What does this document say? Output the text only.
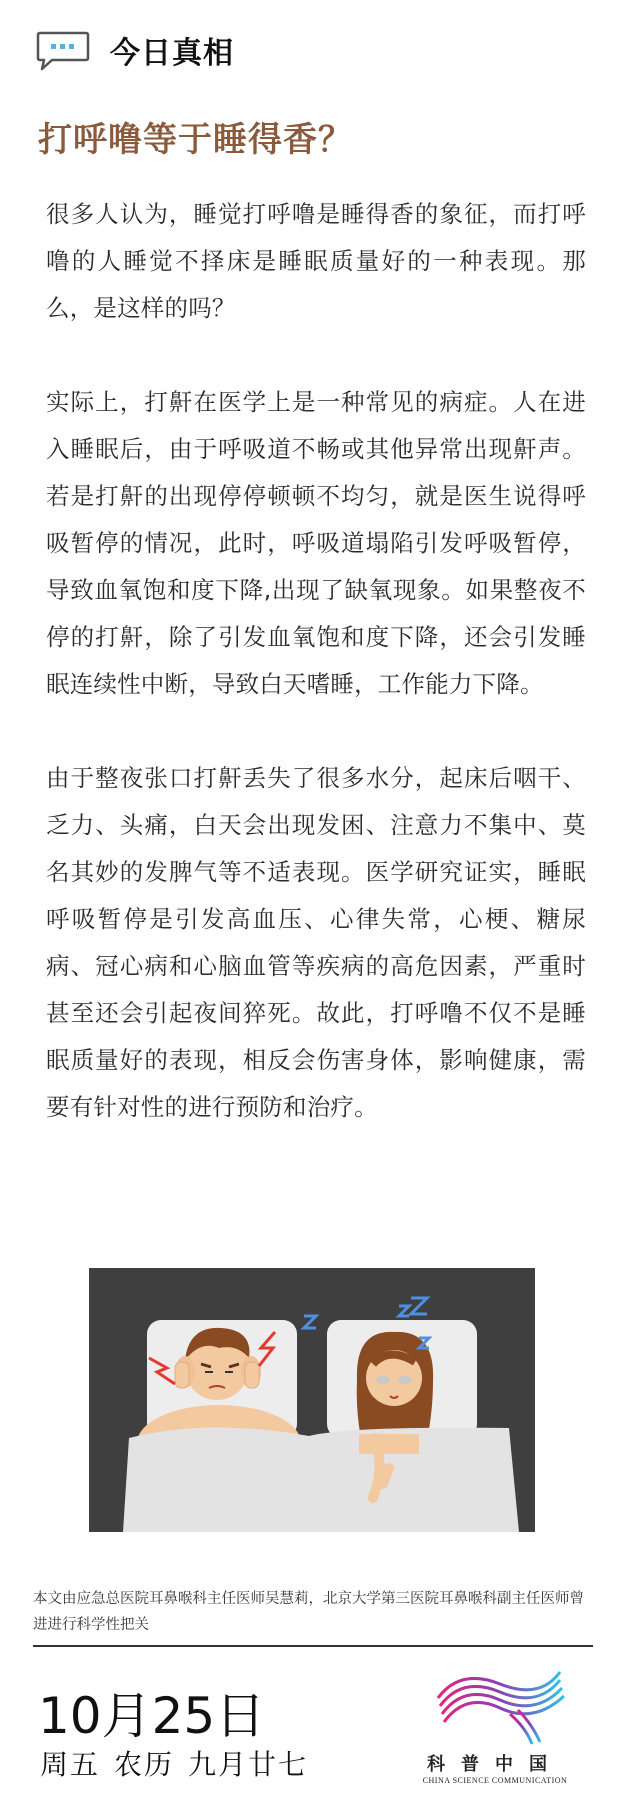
今日真相
打呼噜等于睡得香？

很多人认为，睡觉打呼噜是睡得香的象征，而打呼噜的人睡觉不择床是睡眠质量好的一种表现。那么，是这样的吗？

实际上，打鼾在医学上是一种常见的病症。人在进入睡眠后，由于呼吸道不畅或其他异常出现鼾声。若是打鼾的出现停停顿顿不均匀，就是医生说得呼吸暂停的情况，此时，呼吸道塌陷引发呼吸暂停，导致血氧饱和度下降,出现了缺氧现象。如果整夜不停的打鼾，除了引发血氧饱和度下降，还会引发睡眠连续性中断，导致白天嗜睡，工作能力下降。

由于整夜张口打鼾丢失了很多水分，起床后咽干、乏力、头痛，白天会出现发困、注意力不集中、莫名其妙的发脾气等不适表现。医学研究证实，睡眠呼吸暂停是引发高血压、心律失常，心梗、糖尿病、冠心病和心脑血管等疾病的高危因素，严重时甚至还会引起夜间猝死。故此，打呼噜不仅不是睡眠质量好的表现，相反会伤害身体，影响健康，需要有针对性的进行预防和治疗。

本文由应急总医院耳鼻喉科主任医师吴慧莉，北京大学第三医院耳鼻喉科副主任医师曾进进行科学性把关
10月25日
周五 农历 九月廿七	科普中国
CHINA SCIENCE COMMUNICATION
